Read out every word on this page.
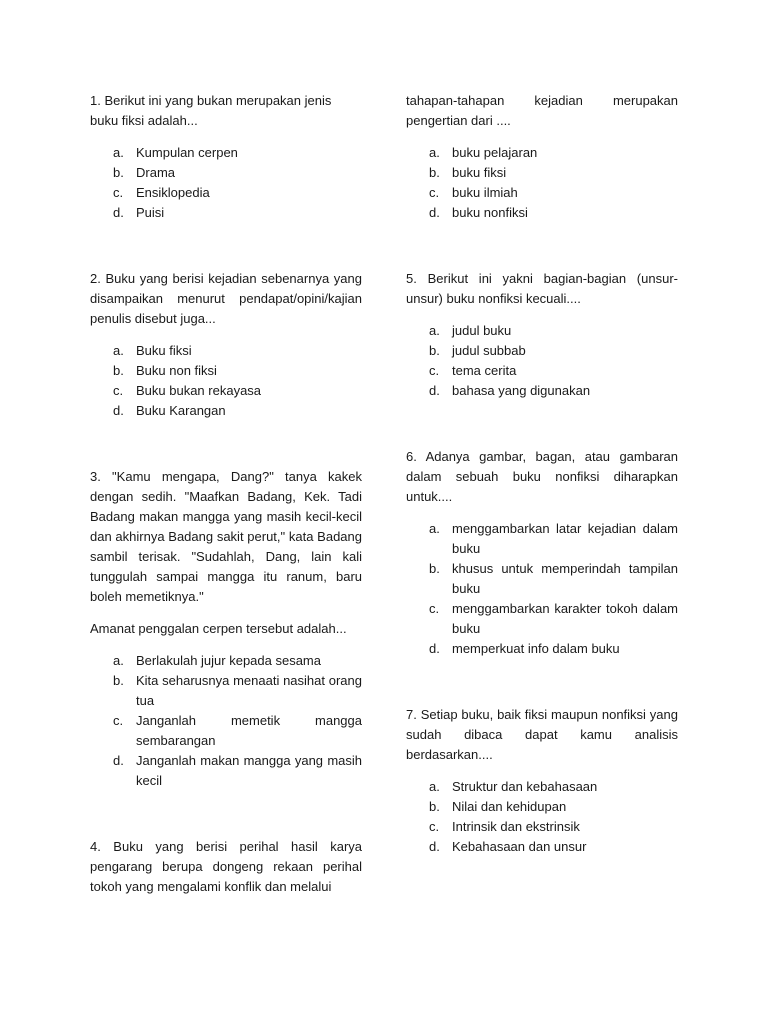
1. Berikut ini yang bukan merupakan jenis buku fiksi adalah...

a. Kumpulan cerpen
b. Drama
c. Ensiklopedia
d. Puisi

2. Buku yang berisi kejadian sebenarnya yang disampaikan menurut pendapat/opini/kajian penulis disebut juga...

a. Buku fiksi
b. Buku non fiksi
c. Buku bukan rekayasa
d. Buku Karangan

3. "Kamu mengapa, Dang?" tanya kakek dengan sedih. "Maafkan Badang, Kek. Tadi Badang makan mangga yang masih kecil-kecil dan akhirnya Badang sakit perut," kata Badang sambil terisak. "Sudahlah, Dang, lain kali tunggulah sampai mangga itu ranum, baru boleh memetiknya."

Amanat penggalan cerpen tersebut adalah...

a. Berlakulah jujur kepada sesama
b. Kita seharusnya menaati nasihat orang tua
c. Janganlah memetik mangga sembarangan
d. Janganlah makan mangga yang masih kecil

4. Buku yang berisi perihal hasil karya pengarang berupa dongeng rekaan perihal tokoh yang mengalami konflik dan melalui

tahapan-tahapan kejadian merupakan pengertian dari ....

a. buku pelajaran
b. buku fiksi
c. buku ilmiah
d. buku nonfiksi

5. Berikut ini yakni bagian-bagian (unsur-unsur) buku nonfiksi kecuali....

a. judul buku
b. judul subbab
c. tema cerita
d. bahasa yang digunakan

6. Adanya gambar, bagan, atau gambaran dalam sebuah buku nonfiksi diharapkan untuk....

a. menggambarkan latar kejadian dalam buku
b. khusus untuk memperindah tampilan buku
c. menggambarkan karakter tokoh dalam buku
d. memperkuat info dalam buku

7. Setiap buku, baik fiksi maupun nonfiksi yang sudah dibaca dapat kamu analisis berdasarkan....

a. Struktur dan kebahasaan
b. Nilai dan kehidupan
c. Intrinsik dan ekstrinsik
d. Kebahasaan dan unsur
